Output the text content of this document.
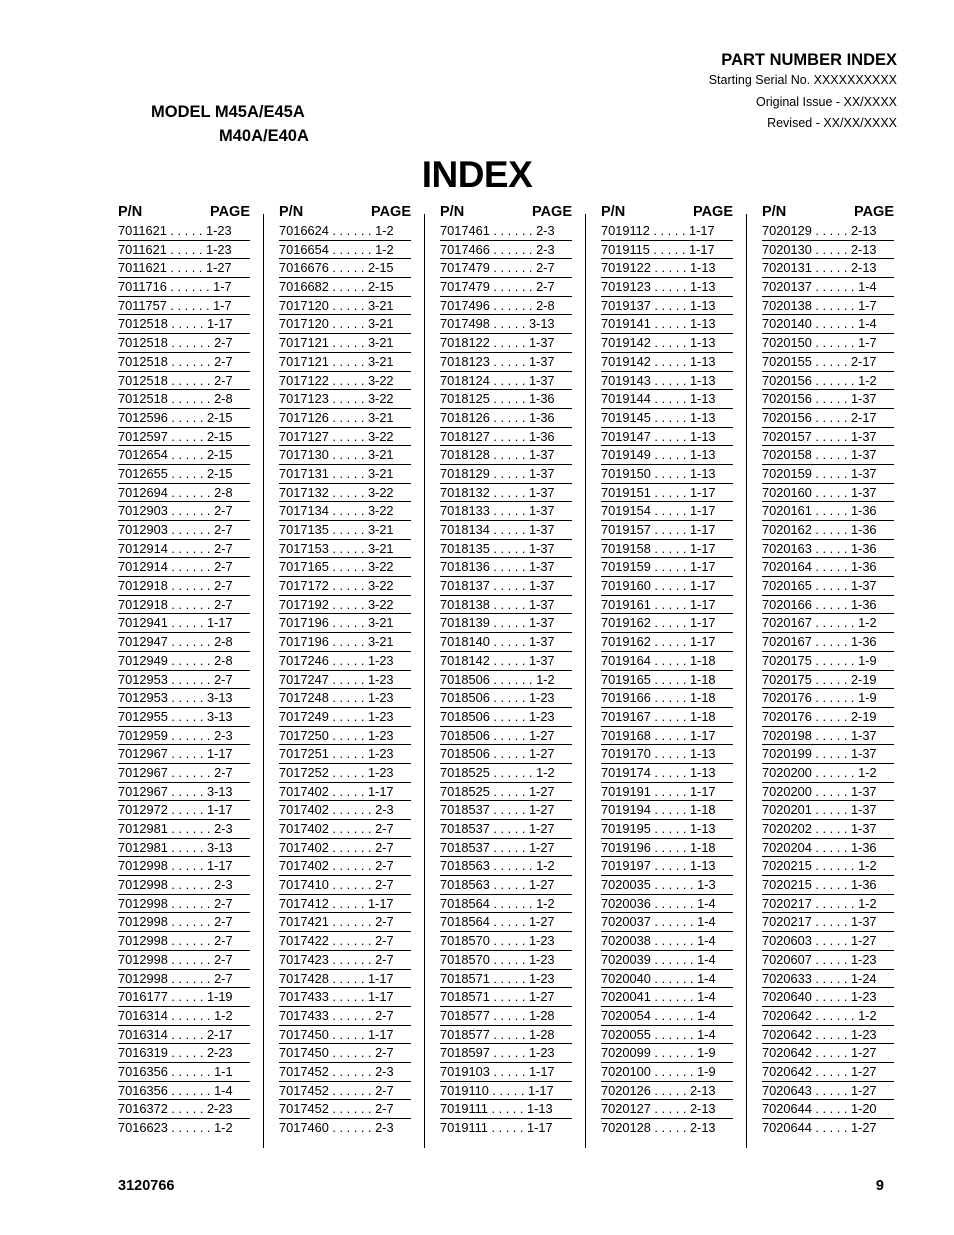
PART NUMBER INDEX
Starting Serial No. XXXXXXXXXX
Original Issue - XX/XXXX
Revised - XX/XX/XXXX
MODEL M45A/E45A
M40A/E40A
INDEX
P/N	PAGE
7011621 . . . . . 1-23
7011621 . . . . . 1-23
7011621 . . . . . 1-27
7011716 . . . . . . 1-7
7011757 . . . . . . 1-7
7012518 . . . . . 1-17
7012518 . . . . . . 2-7
7012518 . . . . . . 2-7
7012518 . . . . . . 2-7
7012518 . . . . . . 2-8
7012596 . . . . . 2-15
7012597 . . . . . 2-15
7012654 . . . . . 2-15
7012655 . . . . . 2-15
7012694 . . . . . . 2-8
7012903 . . . . . . 2-7
7012903 . . . . . . 2-7
7012914 . . . . . . 2-7
7012914 . . . . . . 2-7
7012918 . . . . . . 2-7
7012918 . . . . . . 2-7
7012941 . . . . . 1-17
7012947 . . . . . . 2-8
7012949 . . . . . . 2-8
7012953 . . . . . . 2-7
7012953 . . . . . 3-13
7012955 . . . . . 3-13
7012959 . . . . . . 2-3
7012967 . . . . . 1-17
7012967 . . . . . . 2-7
7012967 . . . . . 3-13
7012972 . . . . . 1-17
7012981 . . . . . . 2-3
7012981 . . . . . 3-13
7012998 . . . . . 1-17
7012998 . . . . . . 2-3
7012998 . . . . . . 2-7
7012998 . . . . . . 2-7
7012998 . . . . . . 2-7
7012998 . . . . . . 2-7
7012998 . . . . . . 2-7
7016177 . . . . . 1-19
7016314 . . . . . . 1-2
7016314 . . . . . 2-17
7016319 . . . . . 2-23
7016356 . . . . . . 1-1
7016356 . . . . . . 1-4
7016372 . . . . . 2-23
7016623 . . . . . . 1-2
P/N	PAGE
7016624 . . . . . . 1-2
7016654 . . . . . . 1-2
7016676 . . . . . 2-15
7016682 . . . . . 2-15
7017120 . . . . . 3-21
7017120 . . . . . 3-21
7017121 . . . . . 3-21
7017121 . . . . . 3-21
7017122 . . . . . 3-22
7017123 . . . . . 3-22
7017126 . . . . . 3-21
7017127 . . . . . 3-22
7017130 . . . . . 3-21
7017131 . . . . . 3-21
7017132 . . . . . 3-22
7017134 . . . . . 3-22
7017135 . . . . . 3-21
7017153 . . . . . 3-21
7017165 . . . . . 3-22
7017172 . . . . . 3-22
7017192 . . . . . 3-22
7017196 . . . . . 3-21
7017196 . . . . . 3-21
7017246 . . . . . 1-23
7017247 . . . . . 1-23
7017248 . . . . . 1-23
7017249 . . . . . 1-23
7017250 . . . . . 1-23
7017251 . . . . . 1-23
7017252 . . . . . 1-23
7017402 . . . . . 1-17
7017402 . . . . . . 2-3
7017402 . . . . . . 2-7
7017402 . . . . . . 2-7
7017402 . . . . . . 2-7
7017410 . . . . . . 2-7
7017412 . . . . . 1-17
7017421 . . . . . . 2-7
7017422 . . . . . . 2-7
7017423 . . . . . . 2-7
7017428 . . . . . 1-17
7017433 . . . . . 1-17
7017433 . . . . . . 2-7
7017450 . . . . . 1-17
7017450 . . . . . . 2-7
7017452 . . . . . . 2-3
7017452 . . . . . . 2-7
7017452 . . . . . . 2-7
7017460 . . . . . . 2-3
P/N	PAGE
7017461 . . . . . . 2-3
7017466 . . . . . . 2-3
7017479 . . . . . . 2-7
7017479 . . . . . . 2-7
7017496 . . . . . . 2-8
7017498 . . . . . 3-13
7018122 . . . . . 1-37
7018123 . . . . . 1-37
7018124 . . . . . 1-37
7018125 . . . . . 1-36
7018126 . . . . . 1-36
7018127 . . . . . 1-36
7018128 . . . . . 1-37
7018129 . . . . . 1-37
7018132 . . . . . 1-37
7018133 . . . . . 1-37
7018134 . . . . . 1-37
7018135 . . . . . 1-37
7018136 . . . . . 1-37
7018137 . . . . . 1-37
7018138 . . . . . 1-37
7018139 . . . . . 1-37
7018140 . . . . . 1-37
7018142 . . . . . 1-37
7018506 . . . . . . 1-2
7018506 . . . . . 1-23
7018506 . . . . . 1-23
7018506 . . . . . 1-27
7018506 . . . . . 1-27
7018525 . . . . . . 1-2
7018525 . . . . . 1-27
7018537 . . . . . 1-27
7018537 . . . . . 1-27
7018537 . . . . . 1-27
7018563 . . . . . . 1-2
7018563 . . . . . 1-27
7018564 . . . . . . 1-2
7018564 . . . . . 1-27
7018570 . . . . . 1-23
7018570 . . . . . 1-23
7018571 . . . . . 1-23
7018571 . . . . . 1-27
7018577 . . . . . 1-28
7018577 . . . . . 1-28
7018597 . . . . . 1-23
7019103 . . . . . 1-17
7019110 . . . . . 1-17
7019111 . . . . . 1-13
7019111 . . . . . 1-17
P/N	PAGE
7019112 . . . . . 1-17
7019115 . . . . . 1-17
7019122 . . . . . 1-13
7019123 . . . . . 1-13
7019137 . . . . . 1-13
7019141 . . . . . 1-13
7019142 . . . . . 1-13
7019142 . . . . . 1-13
7019143 . . . . . 1-13
7019144 . . . . . 1-13
7019145 . . . . . 1-13
7019147 . . . . . 1-13
7019149 . . . . . 1-13
7019150 . . . . . 1-13
7019151 . . . . . 1-17
7019154 . . . . . 1-17
7019157 . . . . . 1-17
7019158 . . . . . 1-17
7019159 . . . . . 1-17
7019160 . . . . . 1-17
7019161 . . . . . 1-17
7019162 . . . . . 1-17
7019162 . . . . . 1-17
7019164 . . . . . 1-18
7019165 . . . . . 1-18
7019166 . . . . . 1-18
7019167 . . . . . 1-18
7019168 . . . . . 1-17
7019170 . . . . . 1-13
7019174 . . . . . 1-13
7019191 . . . . . 1-17
7019194 . . . . . 1-18
7019195 . . . . . 1-13
7019196 . . . . . 1-18
7019197 . . . . . 1-13
7020035 . . . . . . 1-3
7020036 . . . . . . 1-4
7020037 . . . . . . 1-4
7020038 . . . . . . 1-4
7020039 . . . . . . 1-4
7020040 . . . . . . 1-4
7020041 . . . . . . 1-4
7020054 . . . . . . 1-4
7020055 . . . . . . 1-4
7020099 . . . . . . 1-9
7020100 . . . . . . 1-9
7020126 . . . . . 2-13
7020127 . . . . . 2-13
7020128 . . . . . 2-13
P/N	PAGE
7020129 . . . . . 2-13
7020130 . . . . . 2-13
7020131 . . . . . 2-13
7020137 . . . . . . 1-4
7020138 . . . . . . 1-7
7020140 . . . . . . 1-4
7020150 . . . . . . 1-7
7020155 . . . . . 2-17
7020156 . . . . . . 1-2
7020156 . . . . . 1-37
7020156 . . . . . 2-17
7020157 . . . . . 1-37
7020158 . . . . . 1-37
7020159 . . . . . 1-37
7020160 . . . . . 1-37
7020161 . . . . . 1-36
7020162 . . . . . 1-36
7020163 . . . . . 1-36
7020164 . . . . . 1-36
7020165 . . . . . 1-37
7020166 . . . . . 1-36
7020167 . . . . . . 1-2
7020167 . . . . . 1-36
7020175 . . . . . . 1-9
7020175 . . . . . 2-19
7020176 . . . . . . 1-9
7020176 . . . . . 2-19
7020198 . . . . . 1-37
7020199 . . . . . 1-37
7020200 . . . . . . 1-2
7020200 . . . . . 1-37
7020201 . . . . . 1-37
7020202 . . . . . 1-37
7020204 . . . . . 1-36
7020215 . . . . . . 1-2
7020215 . . . . . 1-36
7020217 . . . . . . 1-2
7020217 . . . . . 1-37
7020603 . . . . . 1-27
7020607 . . . . . 1-23
7020633 . . . . . 1-24
7020640 . . . . . 1-23
7020642 . . . . . . 1-2
7020642 . . . . . 1-23
7020642 . . . . . 1-27
7020642 . . . . . 1-27
7020643 . . . . . 1-27
7020644 . . . . . 1-20
7020644 . . . . . 1-27
3120766	9
